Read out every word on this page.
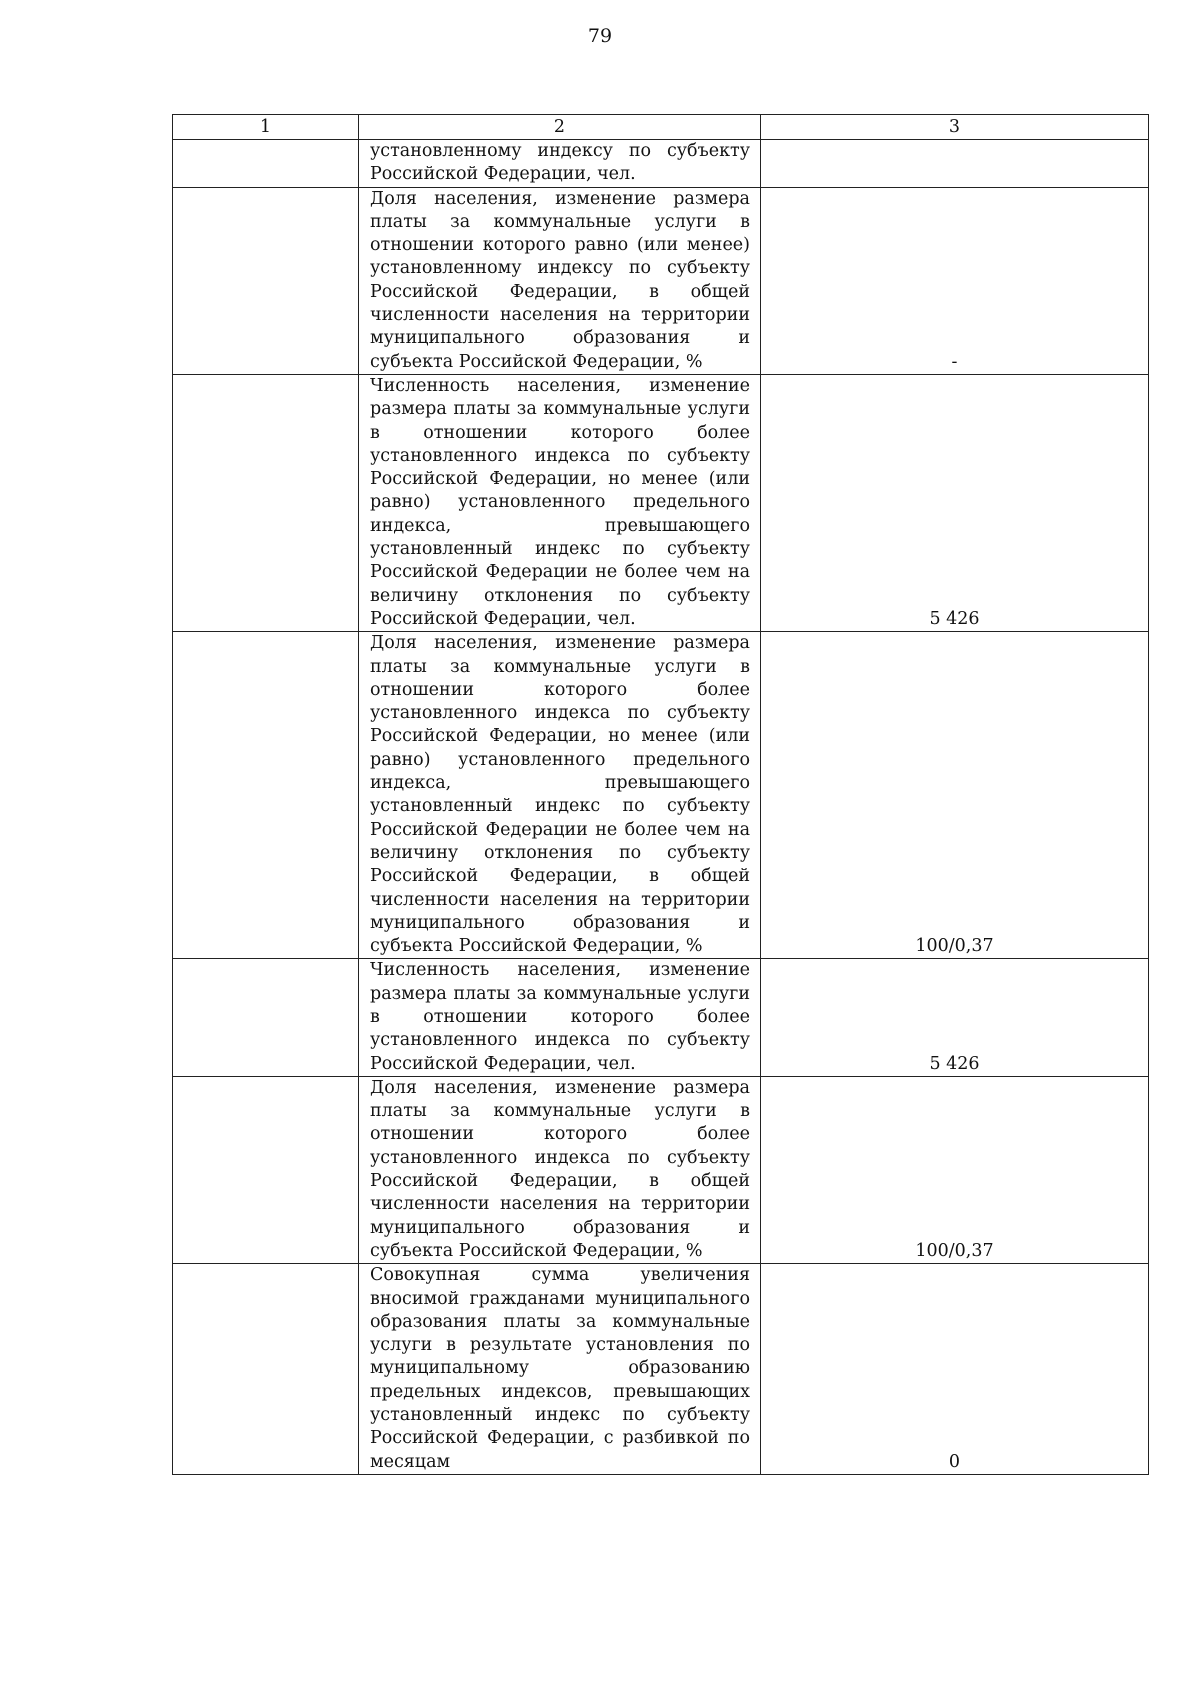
79
1	2	3
	установленному индексу по субъекту Российской Федерации, чел.	
	Доля населения, изменение размера платы за коммунальные услуги в отношении которого равно (или менее) установленному индексу по субъекту Российской Федерации, в общей численности населения на территории муниципального образования и субъекта Российской Федерации, %	-
	Численность населения, изменение размера платы за коммунальные услуги в отношении которого более установленного индекса по субъекту Российской Федерации, но менее (или равно) установленного предельного индекса, превышающего установленный индекс по субъекту Российской Федерации не более чем на величину отклонения по субъекту Российской Федерации, чел.	5 426
	Доля населения, изменение размера платы за коммунальные услуги в отношении которого более установленного индекса по субъекту Российской Федерации, но менее (или равно) установленного предельного индекса, превышающего установленный индекс по субъекту Российской Федерации не более чем на величину отклонения по субъекту Российской Федерации, в общей численности населения на территории муниципального образования и субъекта Российской Федерации, %	100/0,37
	Численность населения, изменение размера платы за коммунальные услуги в отношении которого более установленного индекса по субъекту Российской Федерации, чел.	5 426
	Доля населения, изменение размера платы за коммунальные услуги в отношении которого более установленного индекса по субъекту Российской Федерации, в общей численности населения на территории муниципального образования и субъекта Российской Федерации, %	100/0,37
	Совокупная сумма увеличения вносимой гражданами муниципального образования платы за коммунальные услуги в результате установления по муниципальному образованию предельных индексов, превышающих установленный индекс по субъекту Российской Федерации, с разбивкой по месяцам	0
